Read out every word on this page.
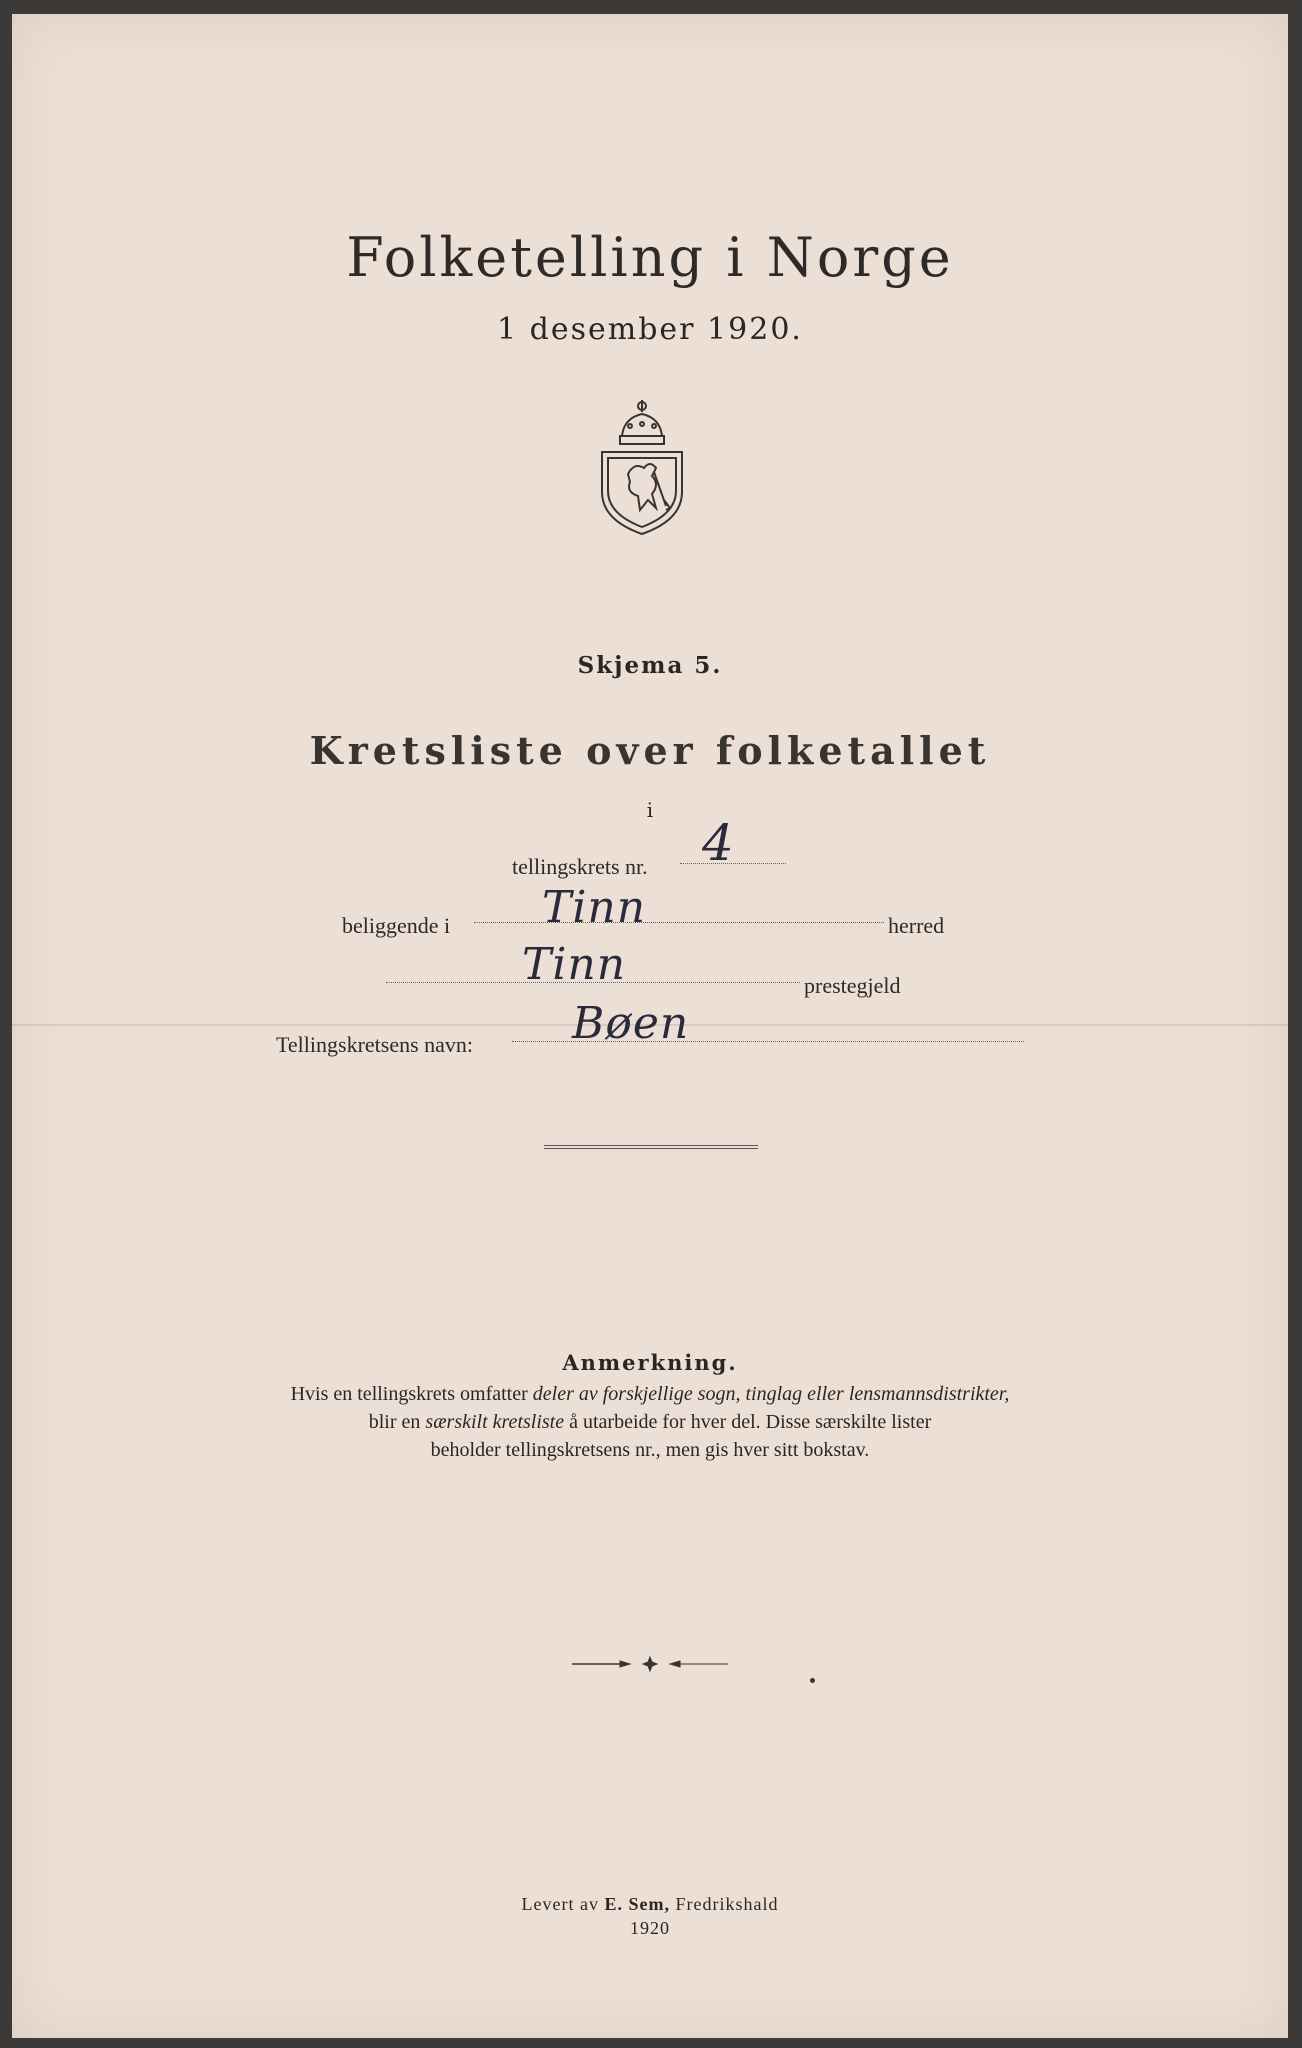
Folketelling i Norge
1 desember 1920.
Skjema 5.
Kretsliste over folketallet
i
tellingskrets nr. 4
beliggende i Tinn	herred
Tinn	prestegjeld
Tellingskretsens navn: Bøen
Anmerkning.
Hvis en tellingskrets omfatter deler av forskjellige sogn, tinglag eller lensmannsdistrikter,
blir en særskilt kretsliste å utarbeide for hver del. Disse særskilte lister
beholder tellingskretsens nr., men gis hver sitt bokstav.
Levert av E. Sem, Fredrikshald
1920
